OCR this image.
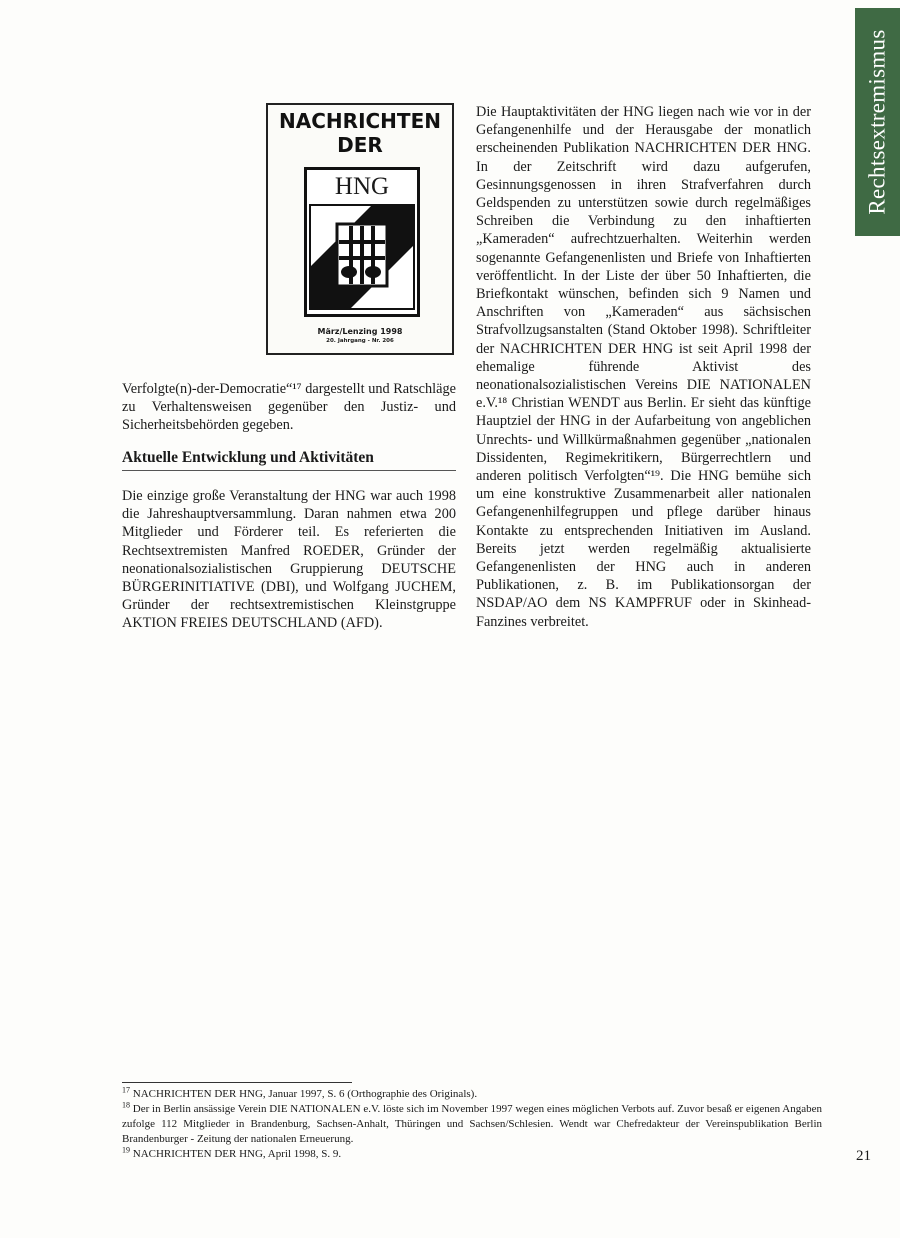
Rechtsextremismus
NACHRICHTEN
DER
HNG
März/Lenzing 1998
20. Jahrgang - Nr. 206

Verfolgte(n)-der-Democratie“¹⁷ dargestellt und Ratschläge zu Verhaltensweisen gegenüber den Justiz- und Sicherheitsbehörden gegeben.

Aktuelle Entwicklung und Aktivitäten

Die einzige große Veranstaltung der HNG war auch 1998 die Jahreshauptversammlung. Daran nahmen etwa 200 Mitglieder und Förderer teil. Es referierten die Rechtsextremisten Manfred ROEDER, Gründer der neonationalsozialistischen Gruppierung DEUTSCHE BÜRGERINITIATIVE (DBI), und Wolfgang JUCHEM, Gründer der rechtsextremistischen Kleinstgruppe AKTION FREIES DEUTSCHLAND (AFD).

Die Hauptaktivitäten der HNG liegen nach wie vor in der Gefangenenhilfe und der Herausgabe der monatlich erscheinenden Publikation NACHRICHTEN DER HNG. In der Zeitschrift wird dazu aufgerufen, Gesinnungsgenossen in ihren Strafverfahren durch Geldspenden zu unterstützen sowie durch regelmäßiges Schreiben die Verbindung zu den inhaftierten „Kameraden“ aufrechtzuerhalten. Weiterhin werden sogenannte Gefangenenlisten und Briefe von Inhaftierten veröffentlicht. In der Liste der über 50 Inhaftierten, die Briefkontakt wünschen, befinden sich 9 Namen und Anschriften von „Kameraden“ aus sächsischen Strafvollzugsanstalten (Stand Oktober 1998). Schriftleiter der NACHRICHTEN DER HNG ist seit April 1998 der ehemalige führende Aktivist des neonationalsozialistischen Vereins DIE NATIONALEN e.V.¹⁸ Christian WENDT aus Berlin. Er sieht das künftige Hauptziel der HNG in der Aufarbeitung von angeblichen Unrechts- und Willkürmaßnahmen gegenüber „nationalen Dissidenten, Regimekritikern, Bürgerrechtlern und anderen politisch Verfolgten“¹⁹. Die HNG bemühe sich um eine konstruktive Zusammenarbeit aller nationalen Gefangenenhilfegruppen und pflege darüber hinaus Kontakte zu entsprechenden Initiativen im Ausland. Bereits jetzt werden regelmäßig aktualisierte Gefangenenlisten der HNG auch in anderen Publikationen, z. B. im Publikationsorgan der NSDAP/AO dem NS KAMPFRUF oder in Skinhead-Fanzines verbreitet.

$^{17}$ NACHRICHTEN DER HNG, Januar 1997, S. 6 (Orthographie des Originals).

$^{18}$ Der in Berlin ansässige Verein DIE NATIONALEN e.V. löste sich im November 1997 wegen eines möglichen Verbots auf. Zuvor besaß er eigenen Angaben zufolge 112 Mitglieder in Brandenburg, Sachsen-Anhalt, Thüringen und Sachsen/Schlesien. Wendt war Chefredakteur der Vereinspublikation Berlin Brandenburger - Zeitung der nationalen Erneuerung.

$^{19}$ NACHRICHTEN DER HNG, April 1998, S. 9.	21
